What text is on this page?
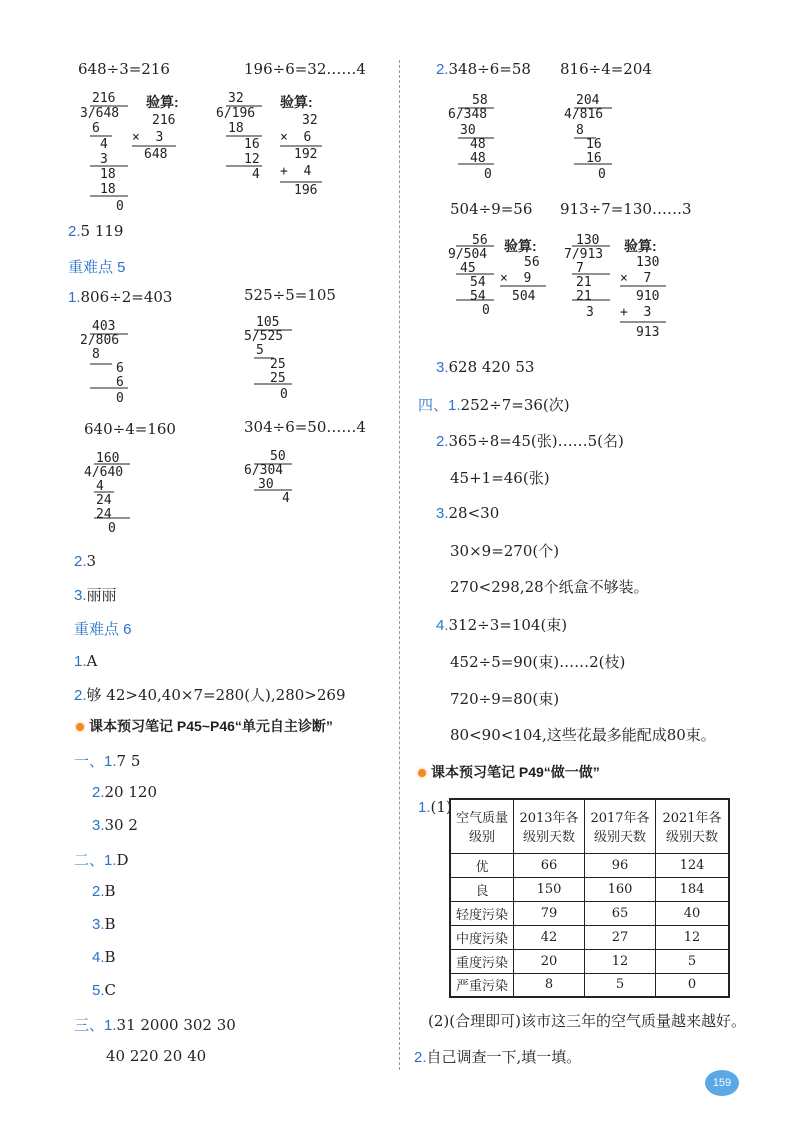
648÷3=216	196÷6=32……4
216
3/648
6
4
3
18
18
0
验算:
216
×  3
648
32
6/196
18
16
12
4
验算:
32
×  6
192
+  4
196
2.5 119
重难点 5
1.806÷2=403	525÷5=105
403
2/806
8
6
6
0
105
5/525
5
25
25
0
640÷4=160	304÷6=50……4
160
4/640
4
24
24
0
50
6/304
30
4
2.3
3.丽丽
重难点 6
1.A
2.够 42>40,40×7=280(人),280>269
课本预习笔记 P45~P46“单元自主诊断”
一、1.7 5
2.20 120
3.30 2
二、1.D
2.B
3.B
4.B
5.C
三、1.31 2000 302 30
40 220 20 40
2.348÷6=58 816÷4=204
58
6/348
30
48
48
0
204
4/816
8
16
16
0
504÷9=56 913÷7=130……3
56
9/504
45
54
54
0
验算:
56
×  9
504
130
7/913
7
21
21
3
验算:
130
×  7
910
+  3
913
3.628 420 53
四、1.252÷7=36(次)
2.365÷8=45(张)……5(名)
45+1=46(张)
3.28<30
30×9=270(个)
270<298,28个纸盒不够装。
4.312÷3=104(束)
452÷5=90(束)……2(枝)
720÷9=80(束)
80<90<104,这些花最多能配成80束。
课本预习笔记 P49“做一做”
1.(1)
空气质量级别	2013年各级别天数	2017年各级别天数	2021年各级别天数
优	66	96	124
良	150	160	184
轻度污染	79	65	40
中度污染	42	27	12
重度污染	20	12	5
严重污染	8	5	0
(2)(合理即可)该市这三年的空气质量越来越好。
2.自己调查一下,填一填。
159
